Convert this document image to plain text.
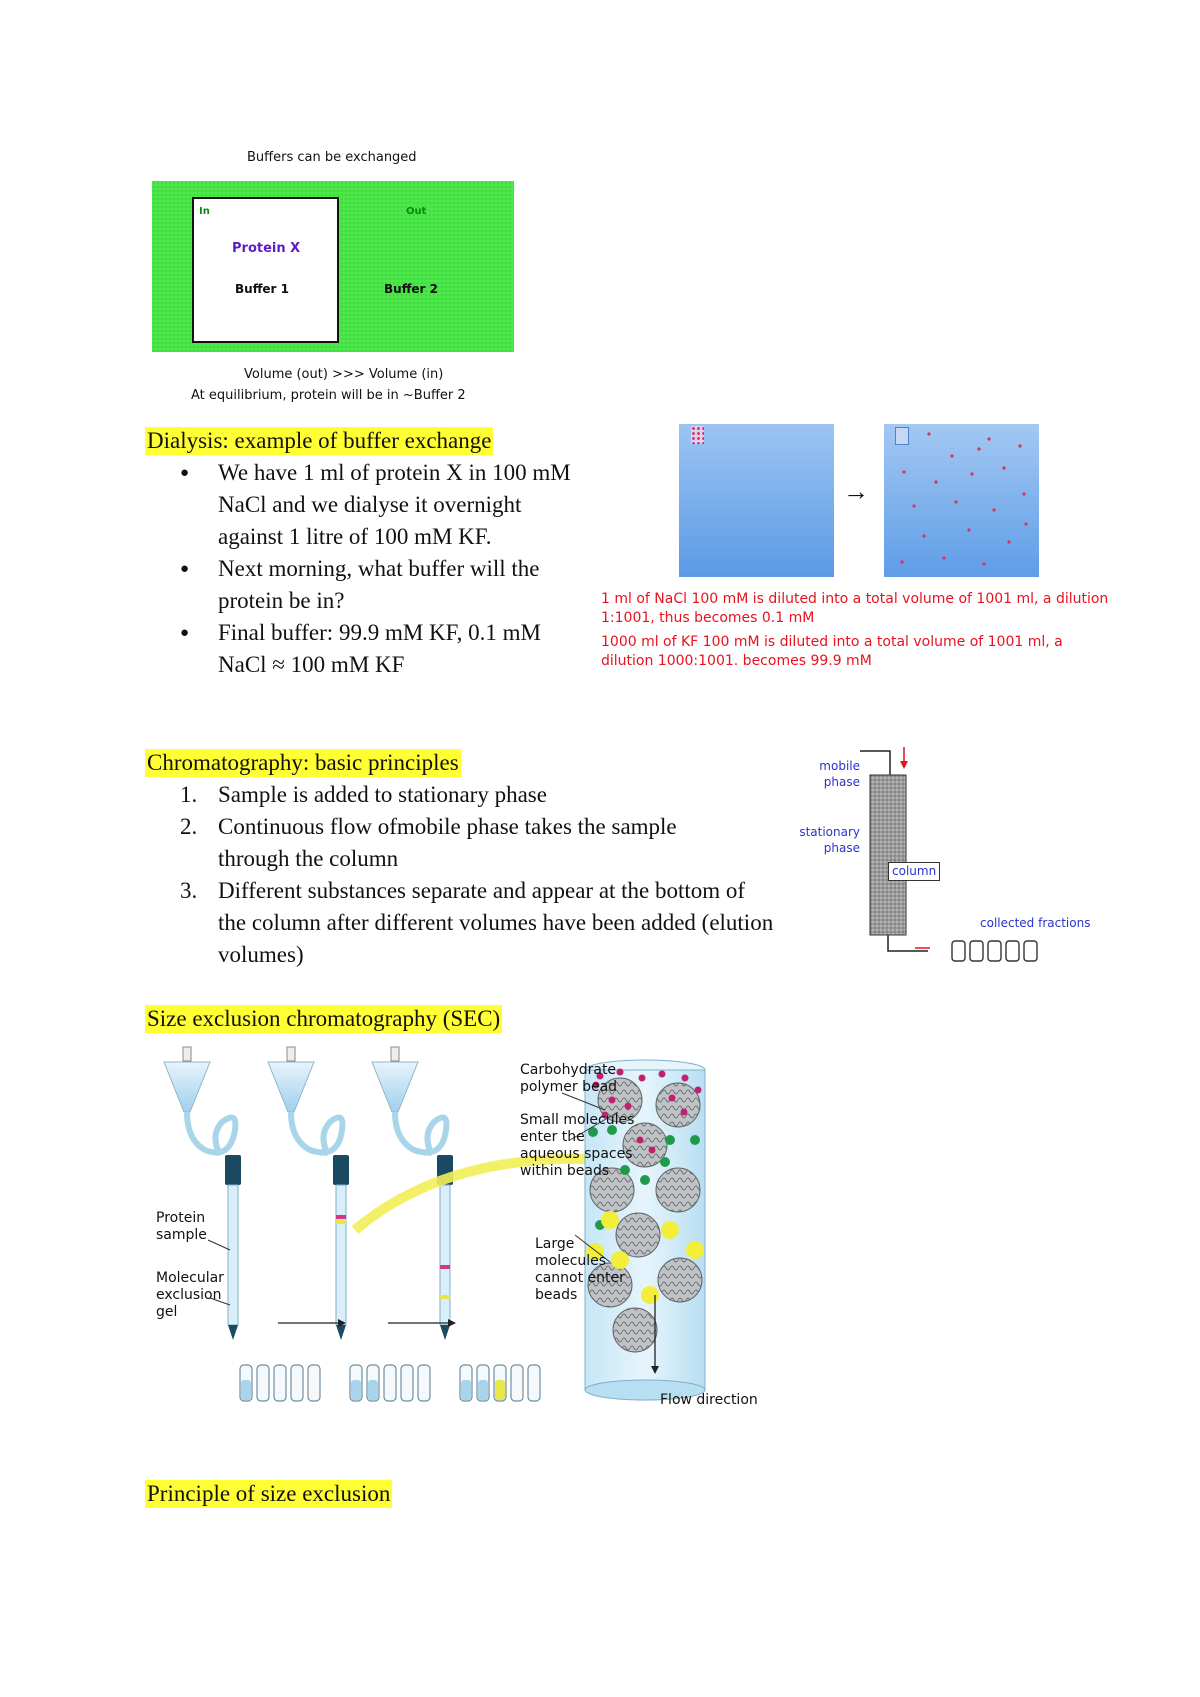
Buffers can be exchanged
In	Out
Protein X
Buffer 1	Buffer 2
Volume (out) >>> Volume (in)
At equilibrium, protein will be in ~Buffer 2
Dialysis: example of buffer exchange
● We have 1 ml of protein X in 100 mM NaCl and we dialyse it overnight against 1 litre of 100 mM KF.
● Next morning, what buffer will the protein be in?
● Final buffer: 99.9 mM KF, 0.1 mM NaCl ≈ 100 mM KF
→
1 ml of NaCl 100 mM is diluted into a total volume of 1001 ml, a dilution 1:1001, thus becomes 0.1 mM
1000 ml of KF 100 mM is diluted into a total volume of 1001 ml, a dilution 1000:1001. becomes 99.9 mM
Chromatography: basic principles
1. Sample is added to stationary phase
2. Continuous flow ofmobile phase takes the sample through the column
3. Different substances separate and appear at the bottom of the column after different volumes have been added (elution volumes)
mobile phase
stationary phase
column
collected fractions
Size exclusion chromatography (SEC)
Carbohydrate polymer bead
Small molecules enter the aqueous spaces within beads
Large molecules cannot enter beads
Protein sample
Molecular exclusion gel
Flow direction
Principle of size exclusion
